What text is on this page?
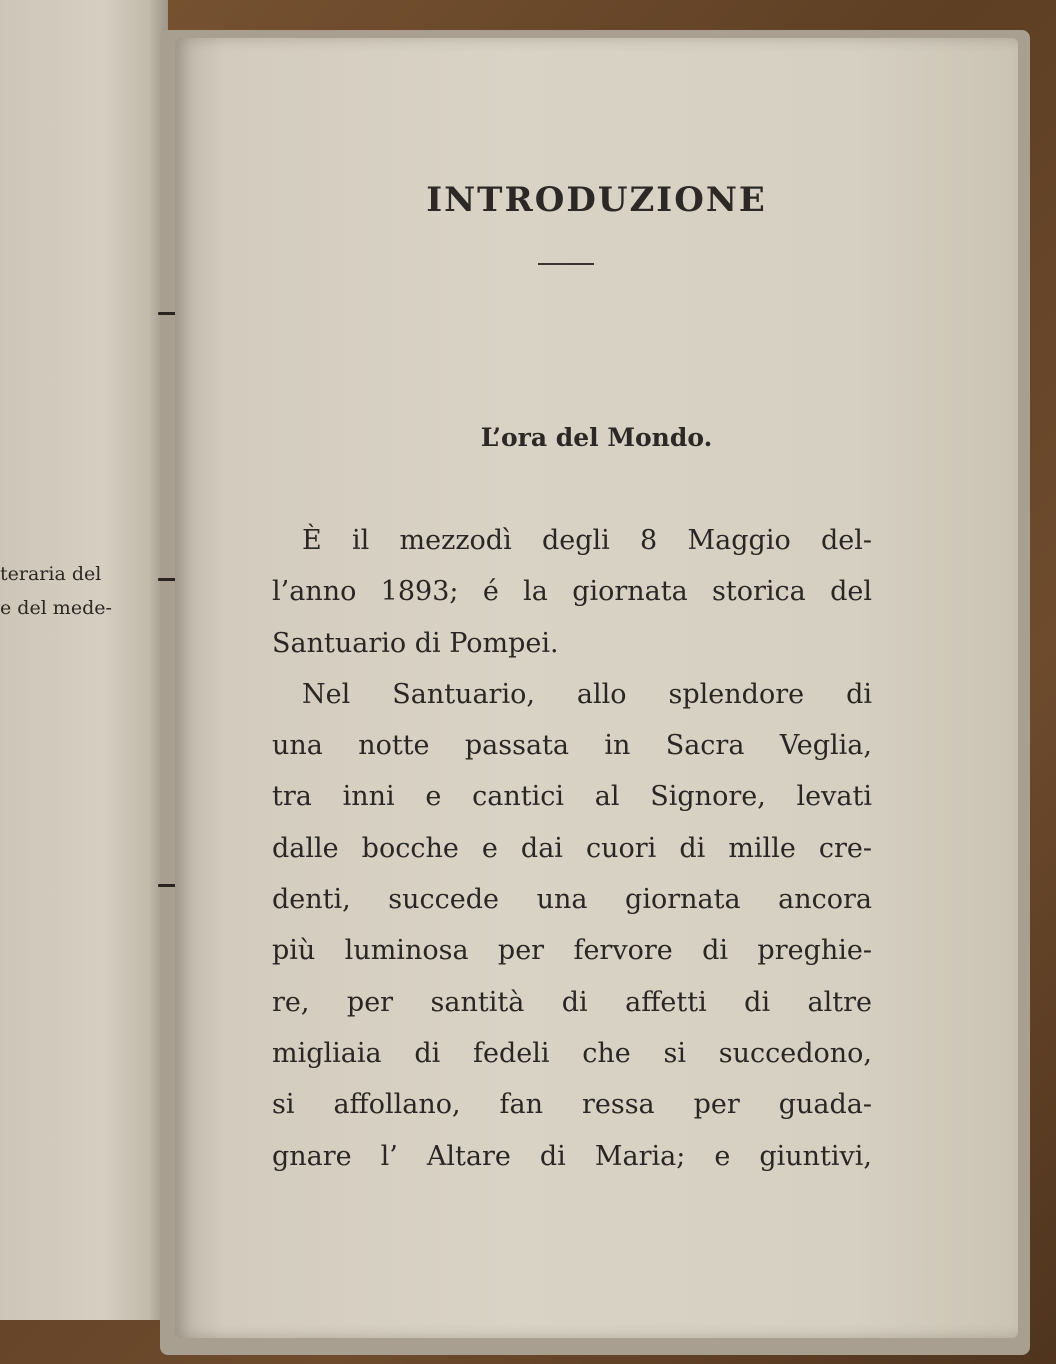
teraria del
e del mede-
INTRODUZIONE
L’ora del Mondo.
È il mezzodì degli 8 Maggio del-
l’anno 1893; é la giornata storica del
Santuario di Pompei.
Nel Santuario, allo splendore di
una notte passata in Sacra Veglia,
tra inni e cantici al Signore, levati
dalle bocche e dai cuori di mille cre-
denti, succede una giornata ancora
più luminosa per fervore di preghie-
re, per santità di affetti di altre
migliaia di fedeli che si succedono,
si affollano, fan ressa per guada-
gnare l’ Altare di Maria; e giuntivi,
